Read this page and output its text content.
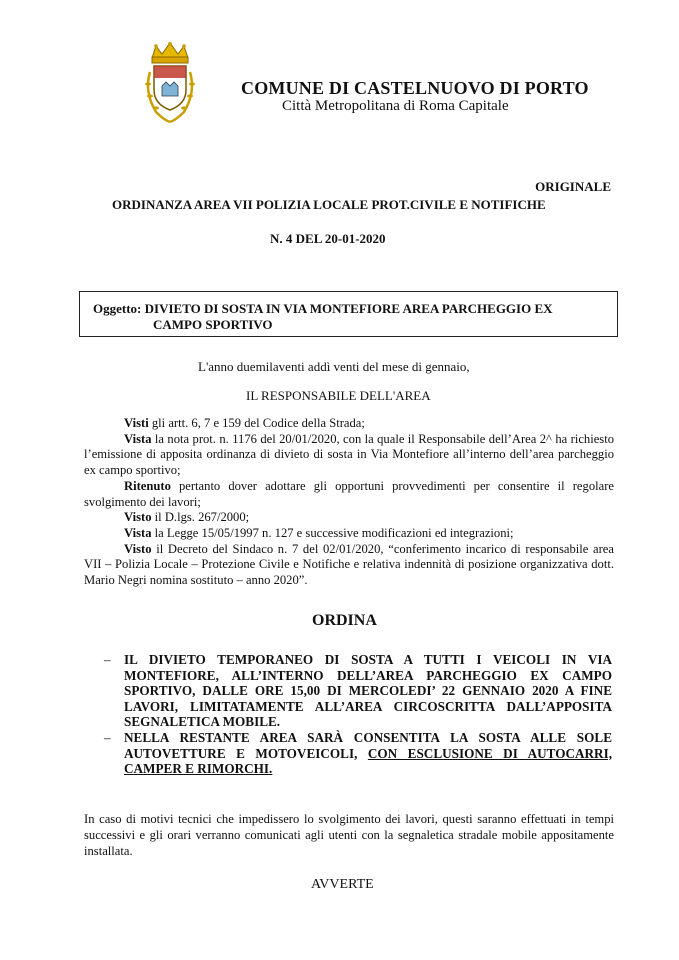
COMUNE DI CASTELNUOVO DI PORTO
Città Metropolitana di Roma Capitale
ORIGINALE
ORDINANZA AREA VII POLIZIA LOCALE PROT.CIVILE E NOTIFICHE
N. 4 DEL 20-01-2020
Oggetto: DIVIETO DI SOSTA IN VIA MONTEFIORE AREA PARCHEGGIO EX
CAMPO SPORTIVO
L'anno duemilaventi addì venti del mese di gennaio,
IL RESPONSABILE DELL'AREA

Visti gli artt. 6, 7 e 159 del Codice della Strada;

Vista la nota prot. n. 1176 del 20/01/2020, con la quale il Responsabile dell’Area 2^ ha richiesto l’emissione di apposita ordinanza di divieto di sosta in Via Montefiore all’interno dell’area parcheggio ex campo sportivo;

Ritenuto pertanto dover adottare gli opportuni provvedimenti per consentire il regolare svolgimento dei lavori;

Visto il D.lgs. 267/2000;

Vista la Legge 15/05/1997 n. 127 e successive modificazioni ed integrazioni;

Visto il Decreto del Sindaco n. 7 del 02/01/2020, “conferimento incarico di responsabile area VII – Polizia Locale – Protezione Civile e Notifiche e relativa indennità di posizione organizzativa dott. Mario Negri nomina sostituto – anno 2020”.

ORDINA
– IL DIVIETO TEMPORANEO DI SOSTA A TUTTI I VEICOLI IN VIA MONTEFIORE, ALL’INTERNO DELL’AREA PARCHEGGIO EX CAMPO SPORTIVO, DALLE ORE 15,00 DI MERCOLEDI’ 22 GENNAIO 2020 A FINE LAVORI, LIMITATAMENTE ALL’AREA CIRCOSCRITTA DALL’APPOSITA SEGNALETICA MOBILE.
– NELLA RESTANTE AREA SARÀ CONSENTITA LA SOSTA ALLE SOLE AUTOVETTURE E MOTOVEICOLI, CON ESCLUSIONE DI AUTOCARRI, CAMPER E RIMORCHI.
In caso di motivi tecnici che impedissero lo svolgimento dei lavori, questi saranno effettuati in tempi successivi e gli orari verranno comunicati agli utenti con la segnaletica stradale mobile appositamente installata.
AVVERTE
